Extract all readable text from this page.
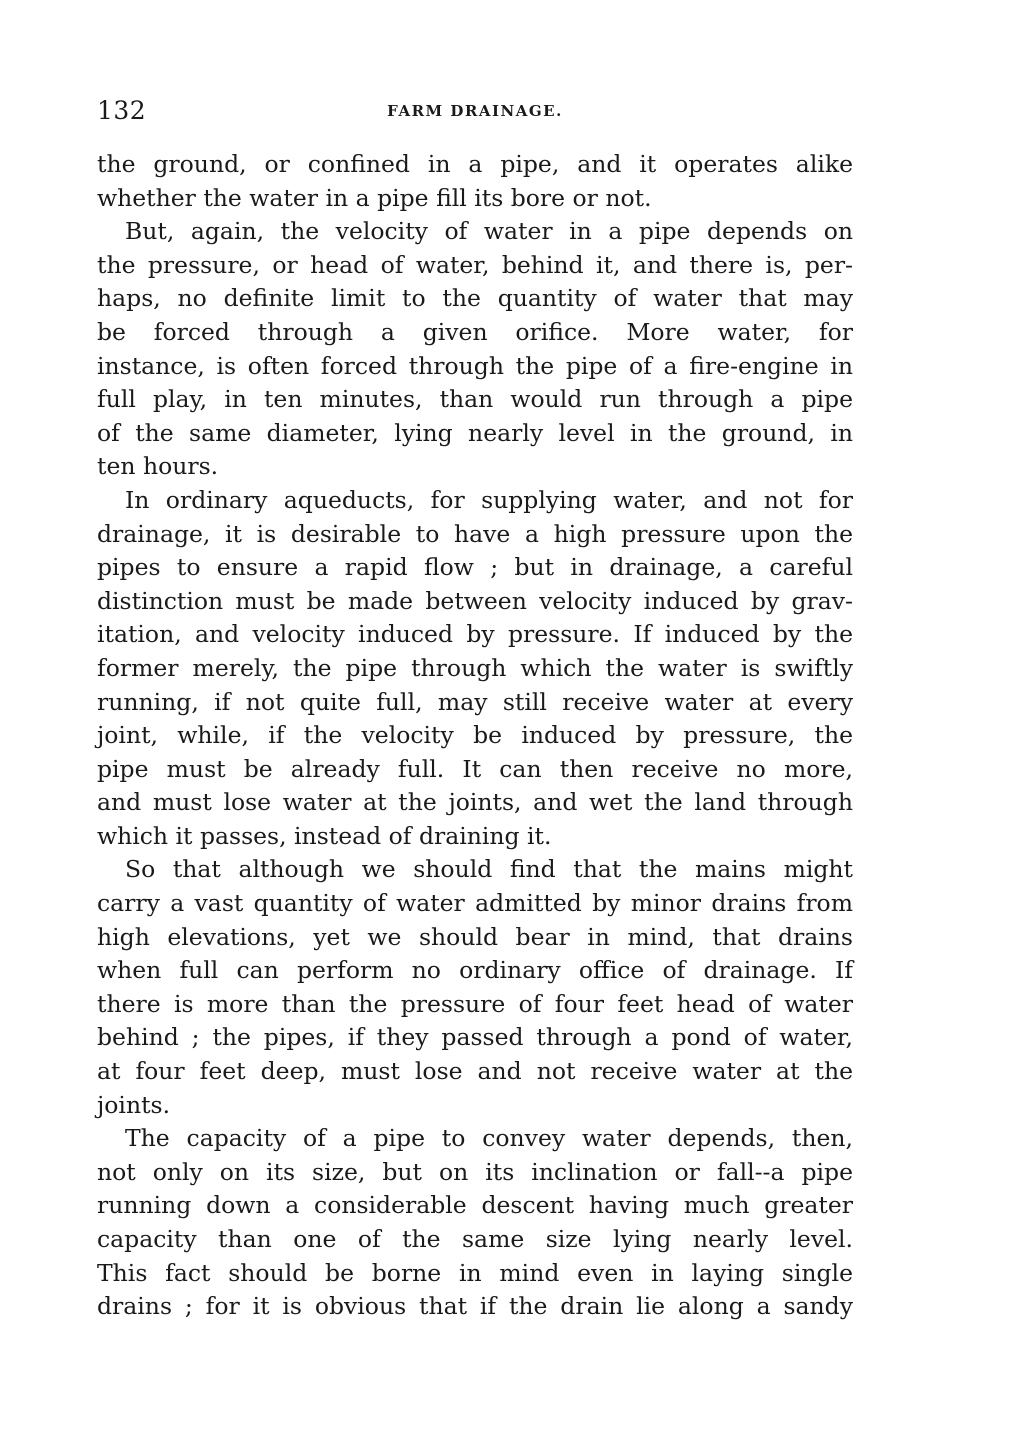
132	FARM DRAINAGE.
the ground, or confined in a pipe, and it operates alike
whether the water in a pipe fill its bore or not.
But, again, the velocity of water in a pipe depends on
the pressure, or head of water, behind it, and there is, per-
haps, no definite limit to the quantity of water that may
be forced through a given orifice. More water, for
instance, is often forced through the pipe of a fire-engine in
full play, in ten minutes, than would run through a pipe
of the same diameter, lying nearly level in the ground, in
ten hours.
In ordinary aqueducts, for supplying water, and not for
drainage, it is desirable to have a high pressure upon the
pipes to ensure a rapid flow ; but in drainage, a careful
distinction must be made between velocity induced by grav-
itation, and velocity induced by pressure. If induced by the
former merely, the pipe through which the water is swiftly
running, if not quite full, may still receive water at every
joint, while, if the velocity be induced by pressure, the
pipe must be already full. It can then receive no more,
and must lose water at the joints, and wet the land through
which it passes, instead of draining it.
So that although we should find that the mains might
carry a vast quantity of water admitted by minor drains from
high elevations, yet we should bear in mind, that drains
when full can perform no ordinary office of drainage. If
there is more than the pressure of four feet head of water
behind ; the pipes, if they passed through a pond of water,
at four feet deep, must lose and not receive water at the
joints.
The capacity of a pipe to convey water depends, then,
not only on its size, but on its inclination or fall--a pipe
running down a considerable descent having much greater
capacity than one of the same size lying nearly level.
This fact should be borne in mind even in laying single
drains ; for it is obvious that if the drain lie along a sandy
